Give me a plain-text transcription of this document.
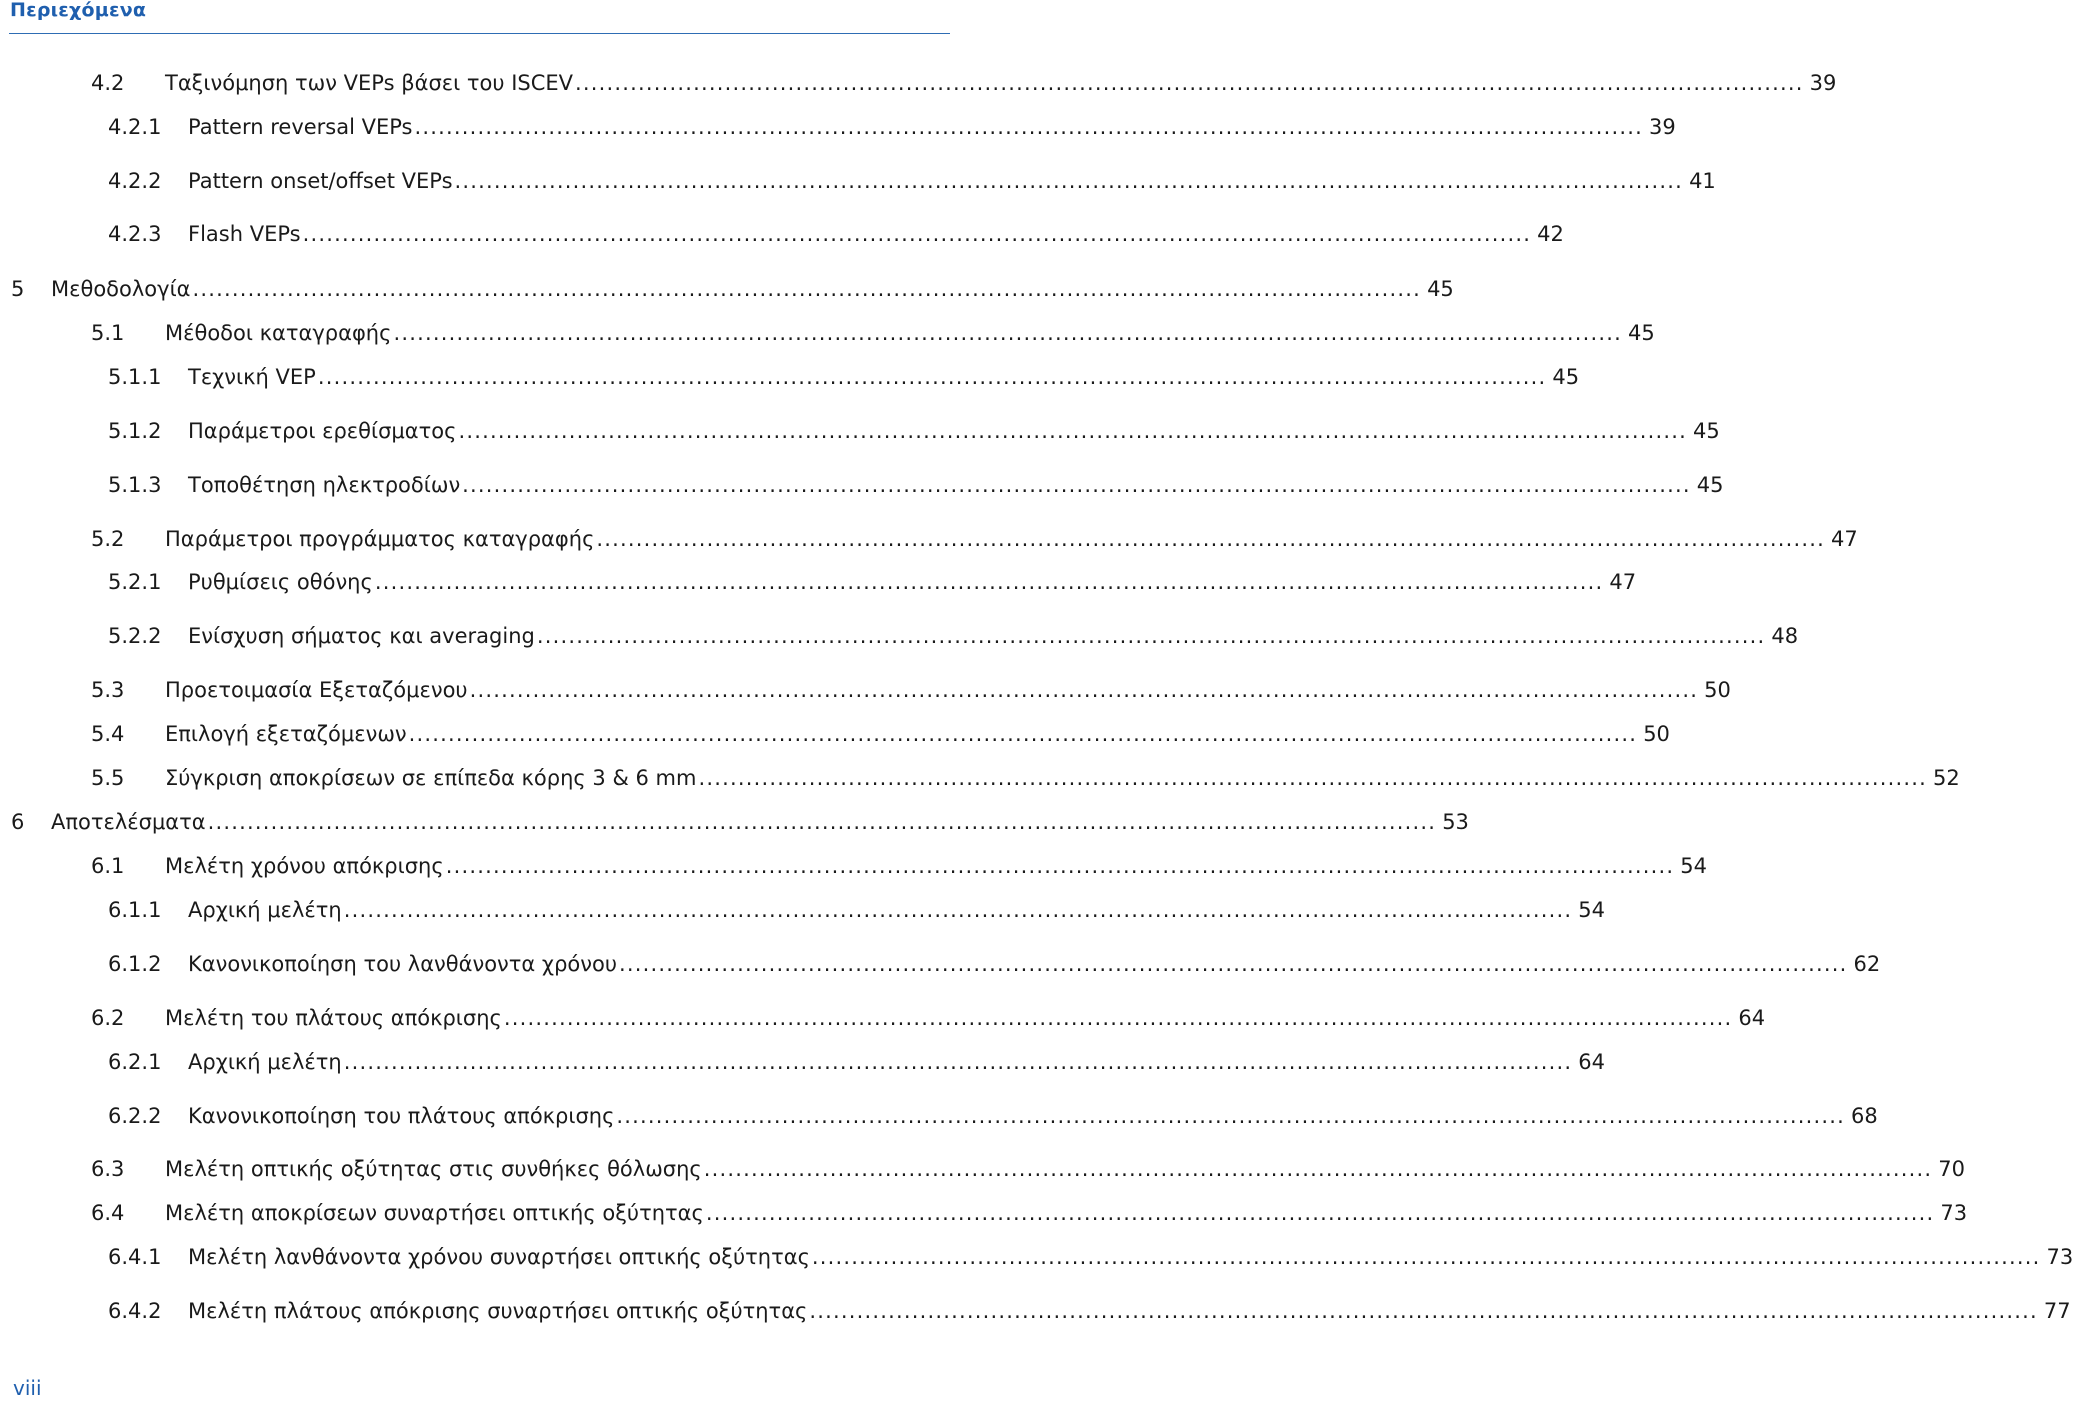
Περιεχόμενα
4.2	Ταξινόμηση των VEPs βάσει του ISCEV ............................................................................................................................................................ 39
4.2.1	Pattern reversal VEPs ............................................................................................................................................................ 39
4.2.2	Pattern onset/offset VEPs ............................................................................................................................................................ 41
4.2.3	Flash VEPs ............................................................................................................................................................ 42
5	Μεθοδολογία ............................................................................................................................................................ 45
5.1	Μέθοδοι καταγραφής ............................................................................................................................................................ 45
5.1.1	Τεχνική VEP ............................................................................................................................................................ 45
5.1.2	Παράμετροι ερεθίσματος ............................................................................................................................................................ 45
5.1.3	Τοποθέτηση ηλεκτροδίων ............................................................................................................................................................ 45
5.2	Παράμετροι προγράμματος καταγραφής ............................................................................................................................................................ 47
5.2.1	Ρυθμίσεις οθόνης ............................................................................................................................................................ 47
5.2.2	Ενίσχυση σήματος και averaging ............................................................................................................................................................ 48
5.3	Προετοιμασία Εξεταζόμενου ............................................................................................................................................................ 50
5.4	Επιλογή εξεταζόμενων ............................................................................................................................................................ 50
5.5	Σύγκριση αποκρίσεων σε επίπεδα κόρης 3 & 6 mm ............................................................................................................................................................ 52
6	Αποτελέσματα ............................................................................................................................................................ 53
6.1	Μελέτη χρόνου απόκρισης ............................................................................................................................................................ 54
6.1.1	Αρχική μελέτη ............................................................................................................................................................ 54
6.1.2	Κανονικοποίηση του λανθάνοντα χρόνου ............................................................................................................................................................ 62
6.2	Μελέτη του πλάτους απόκρισης ............................................................................................................................................................ 64
6.2.1	Αρχική μελέτη ............................................................................................................................................................ 64
6.2.2	Κανονικοποίηση του πλάτους απόκρισης ............................................................................................................................................................ 68
6.3	Μελέτη οπτικής οξύτητας στις συνθήκες θόλωσης ............................................................................................................................................................ 70
6.4	Μελέτη αποκρίσεων συναρτήσει οπτικής οξύτητας ............................................................................................................................................................ 73
6.4.1	Μελέτη λανθάνοντα χρόνου συναρτήσει οπτικής οξύτητας ............................................................................................................................................................ 73
6.4.2	Μελέτη πλάτους απόκρισης συναρτήσει οπτικής οξύτητας ............................................................................................................................................................ 77
viii
